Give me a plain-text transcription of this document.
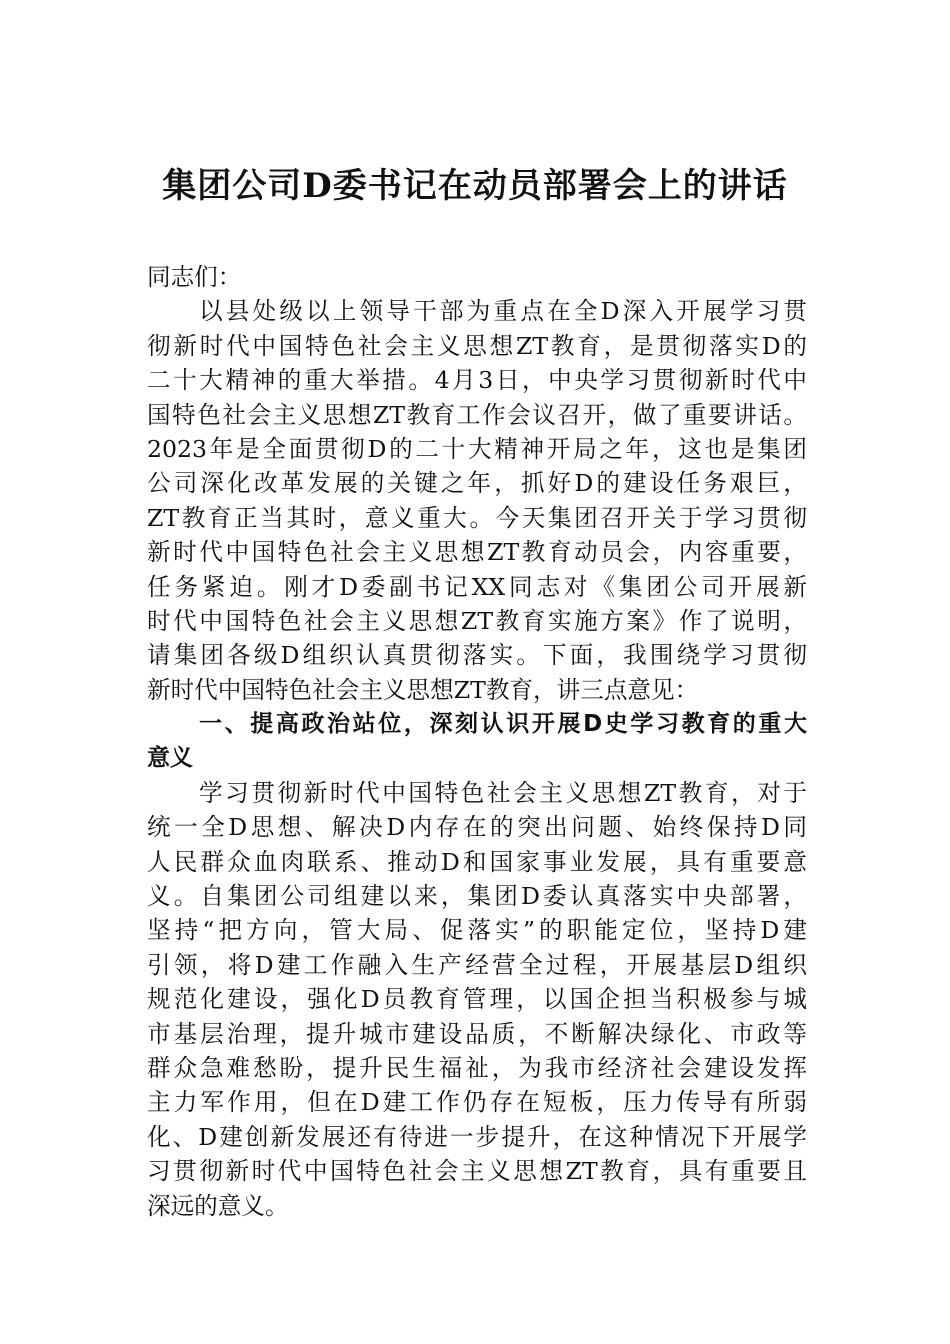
集团公司D委书记在动员部署会上的讲话
同志们：
以县处级以上领导干部为重点在全D深入开展学习贯
彻新时代中国特色社会主义思想ZT教育，是贯彻落实D的
二十大精神的重大举措。4月3日，中央学习贯彻新时代中
国特色社会主义思想ZT教育工作会议召开，做了重要讲话。
2023年是全面贯彻D的二十大精神开局之年，这也是集团
公司深化改革发展的关键之年，抓好D的建设任务艰巨，
ZT教育正当其时，意义重大。今天集团召开关于学习贯彻
新时代中国特色社会主义思想ZT教育动员会，内容重要，
任务紧迫。刚才D委副书记XX同志对《集团公司开展新
时代中国特色社会主义思想ZT教育实施方案》作了说明，
请集团各级D组织认真贯彻落实。下面，我围绕学习贯彻
新时代中国特色社会主义思想ZT教育，讲三点意见：
一、提高政治站位，深刻认识开展D史学习教育的重大
意义
学习贯彻新时代中国特色社会主义思想ZT教育，对于
统一全D思想、解决D内存在的突出问题、始终保持D同
人民群众血肉联系、推动D和国家事业发展，具有重要意
义。自集团公司组建以来，集团D委认真落实中央部署，
坚持“把方向，管大局、促落实”的职能定位，坚持D建
引领，将D建工作融入生产经营全过程，开展基层D组织
规范化建设，强化D员教育管理，以国企担当积极参与城
市基层治理，提升城市建设品质，不断解决绿化、市政等
群众急难愁盼，提升民生福祉，为我市经济社会建设发挥
主力军作用，但在D建工作仍存在短板，压力传导有所弱
化、D建创新发展还有待进一步提升，在这种情况下开展学
习贯彻新时代中国特色社会主义思想ZT教育，具有重要且
深远的意义。
